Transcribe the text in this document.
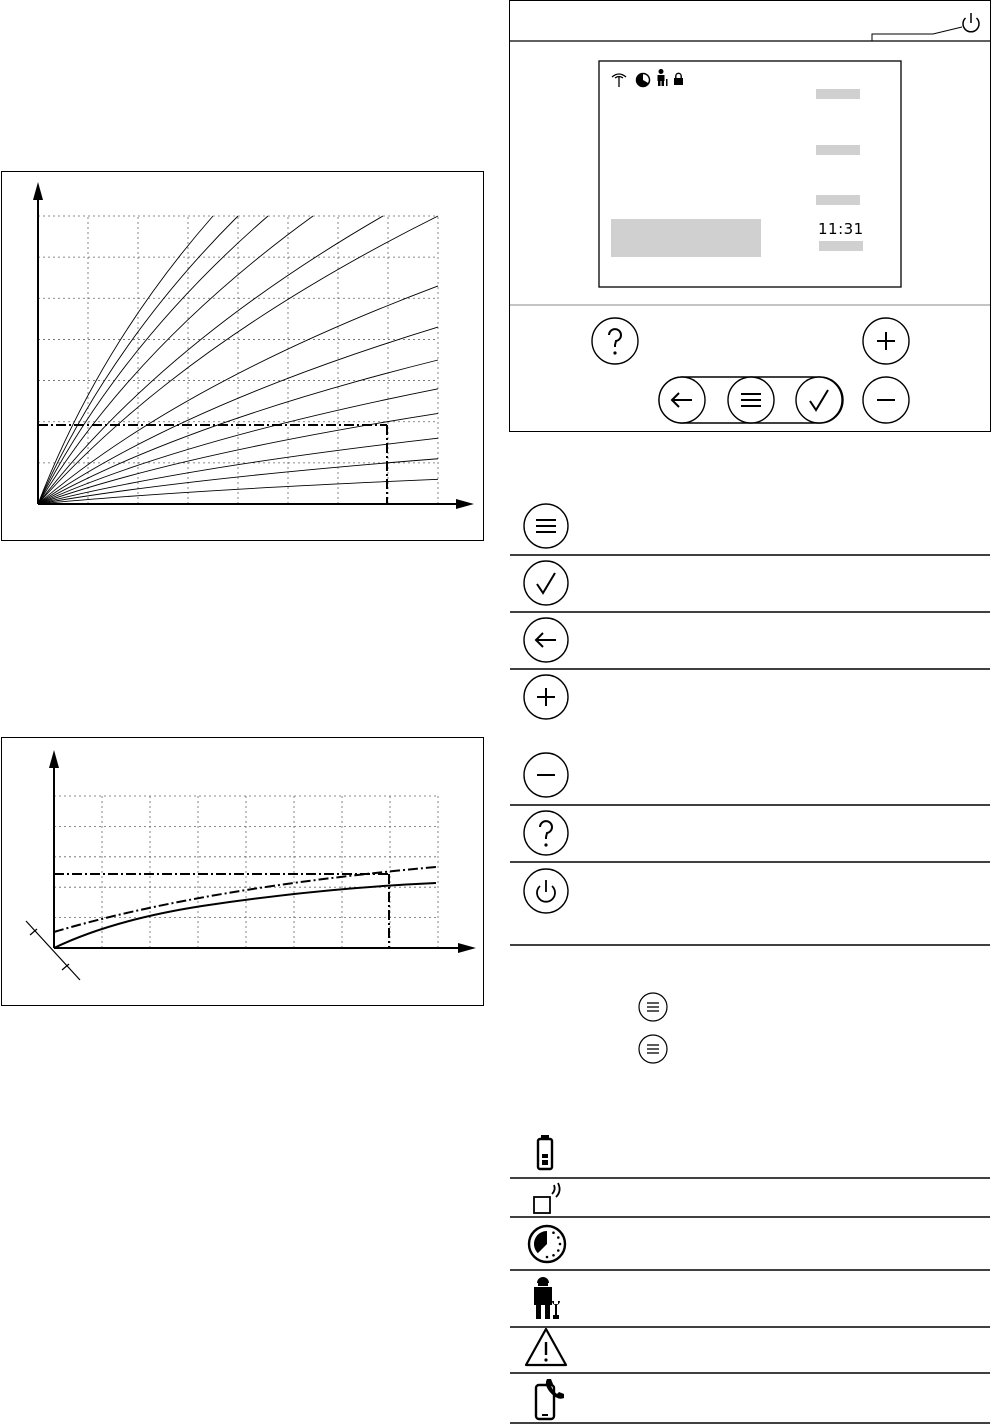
11:31
